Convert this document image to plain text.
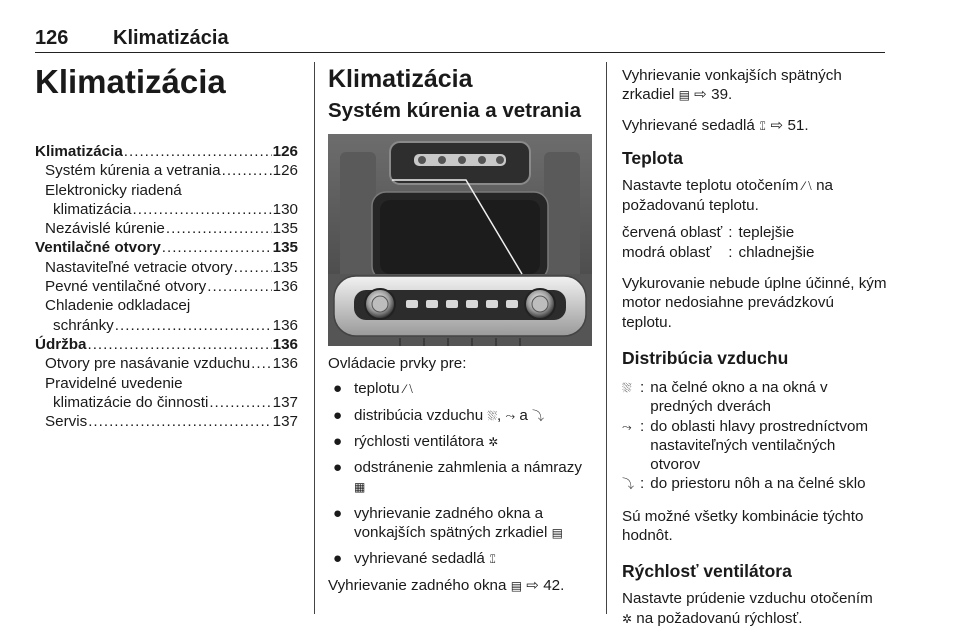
126 Klimatizácia
Klimatizácia
Klimatizácia .....	126
Systém kúrenia a vetrania .....	126
Elektronicky riadená
klimatizácia .....	130
Nezávislé kúrenie .....	135
Ventilačné otvory .....	135
Nastaviteľné vetracie otvory .....	135
Pevné ventilačné otvory .....	136
Chladenie odkladacej
schránky .....	136
Údržba .....	136
Otvory pre nasávanie vzduchu ..... 136
Pravidelné uvedenie
klimatizácie do činnosti .....	137
Servis .....	137
Klimatizácia
Systém kúrenia a vetrania

Ovládacie prvky pre:

● teplotu ⁄ ⧵
● distribúcia vzduchu ⛆, ⤳ a ⤵
● rýchlosti ventilátora ✲
● odstránenie zahmlenia a námrazy ▦
● vyhrievanie zadného okna a vonkajších spätných zrkadiel ▤
● vyhrievané sedadlá ⑄

Vyhrievanie zadného okna ▤ ⇨ 42.

Vyhrievanie vonkajších spätných zrkadiel ▤ ⇨ 39.

Vyhrievané sedadlá ⑄ ⇨ 51.

Teplota

Nastavte teplotu otočením ⁄ ⧵ na požadovanú teplotu.

červená oblasť	:	teplejšie
modrá oblasť	:	chladnejšie

Vykurovanie nebude úplne účinné, kým motor nedosiahne prevádzkovú teplotu.

Distribúcia vzduchu
⛆	:	na čelné okno a na okná v predných dverách
⤳	:	do oblasti hlavy prostredníctvom nastaviteľných ventilačných otvorov
⤵	:	do priestoru nôh a na čelné sklo

Sú možné všetky kombinácie týchto hodnôt.

Rýchlosť ventilátora

Nastavte prúdenie vzduchu otočením ✲ na požadovanú rýchlosť.
